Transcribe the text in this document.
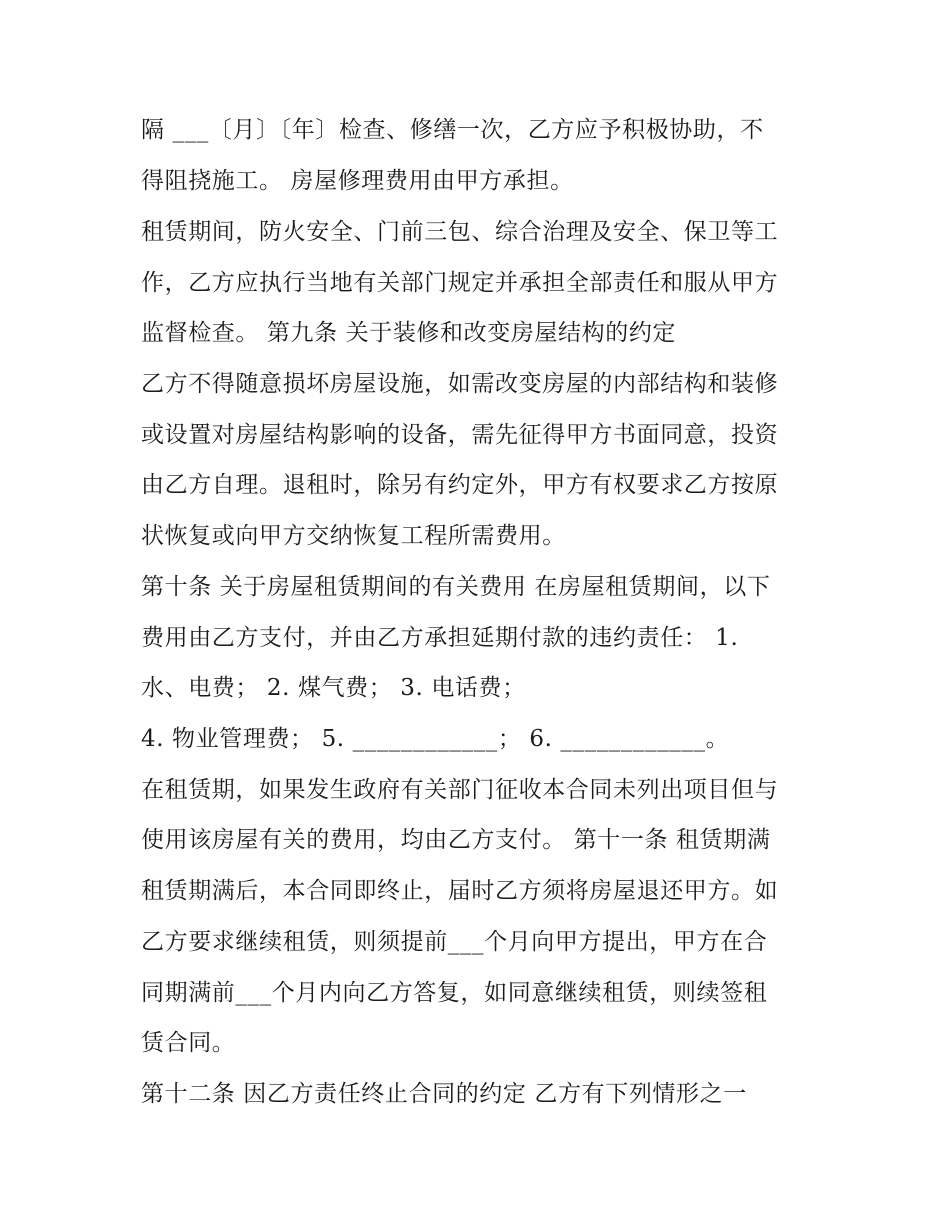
隔 ___〔月〕〔年〕检查、修缮一次，乙方应予积极协助，不
得阻挠施工。 房屋修理费用由甲方承担。
租赁期间，防火安全、门前三包、综合治理及安全、保卫等工
作，乙方应执行当地有关部门规定并承担全部责任和服从甲方
监督检查。 第九条 关于装修和改变房屋结构的约定
乙方不得随意损坏房屋设施，如需改变房屋的内部结构和装修
或设置对房屋结构影响的设备，需先征得甲方书面同意，投资
由乙方自理。退租时，除另有约定外，甲方有权要求乙方按原
状恢复或向甲方交纳恢复工程所需费用。
第十条 关于房屋租赁期间的有关费用 在房屋租赁期间，以下
费用由乙方支付，并由乙方承担延期付款的违约责任： 1.
水、电费； 2. 煤气费； 3. 电话费；
4. 物业管理费； 5. ____________； 6. ____________。
在租赁期，如果发生政府有关部门征收本合同未列出项目但与
使用该房屋有关的费用，均由乙方支付。 第十一条 租赁期满
租赁期满后，本合同即终止，届时乙方须将房屋退还甲方。如
乙方要求继续租赁，则须提前___个月向甲方提出，甲方在合
同期满前___个月内向乙方答复，如同意继续租赁，则续签租
赁合同。
第十二条 因乙方责任终止合同的约定 乙方有下列情形之一
